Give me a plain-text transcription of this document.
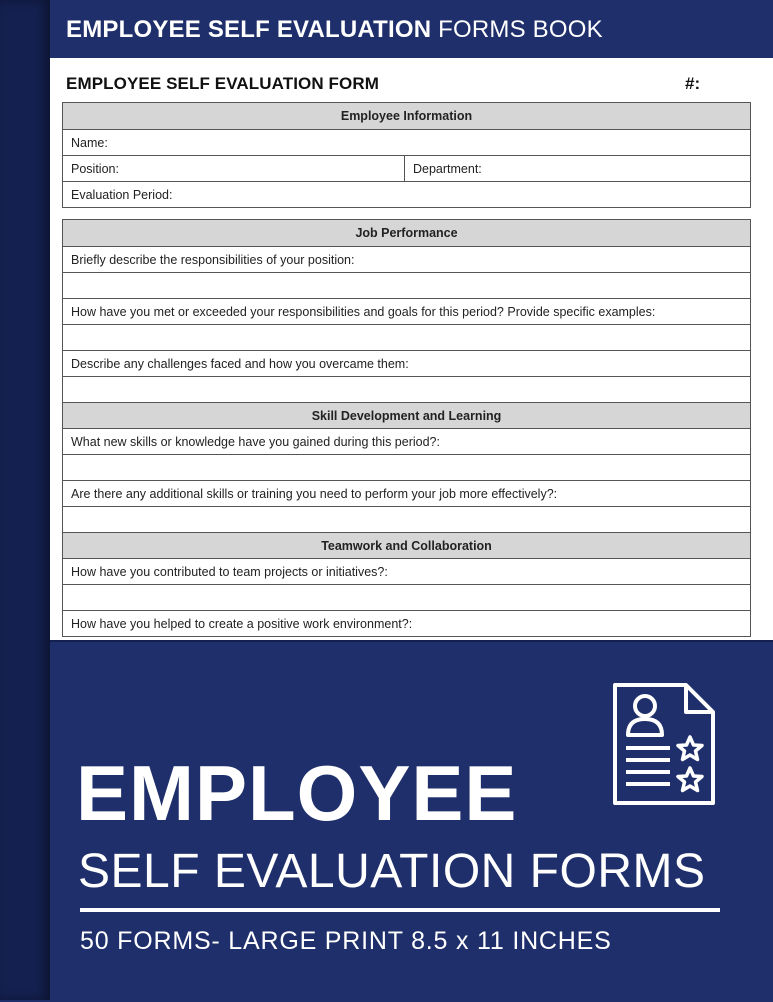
EMPLOYEE SELF EVALUATION FORMS BOOK
EMPLOYEE SELF EVALUATION FORM	#:
Employee Information
Name:
Position:	Department:
Evaluation Period:
Job Performance
Briefly describe the responsibilities of your position:
How have you met or exceeded your responsibilities and goals for this period? Provide specific examples:
Describe any challenges faced and how you overcame them:
Skill Development and Learning
What new skills or knowledge have you gained during this period?:
Are there any additional skills or training you need to perform your job more effectively?:
Teamwork and Collaboration
How have you contributed to team projects or initiatives?:
How have you helped to create a positive work environment?:
EMPLOYEE
SELF EVALUATION FORMS
50 FORMS- LARGE PRINT 8.5 x 11 INCHES
